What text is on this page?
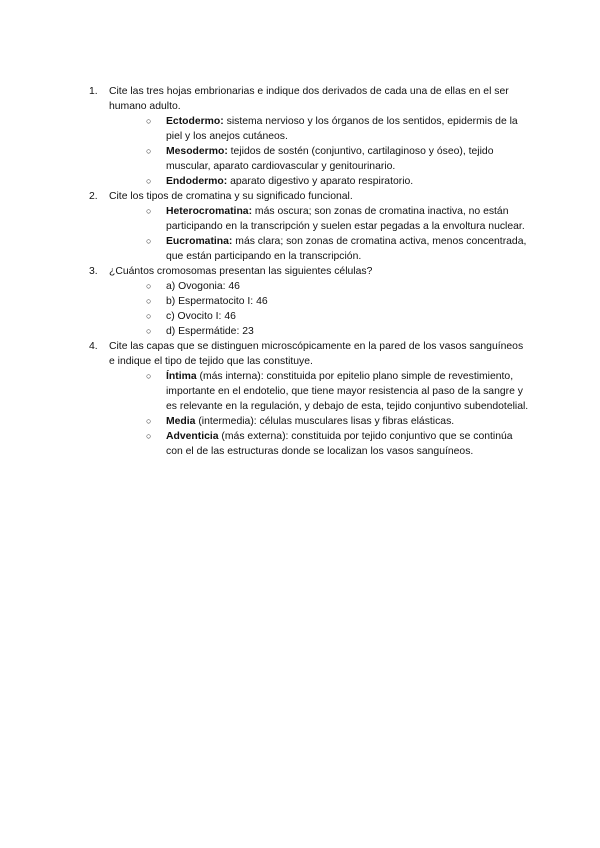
1. Cite las tres hojas embrionarias e indique dos derivados de cada una de ellas en el ser humano adulto.
○ Ectodermo: sistema nervioso y los órganos de los sentidos, epidermis de la piel y los anejos cutáneos.
○ Mesodermo: tejidos de sostén (conjuntivo, cartilaginoso y óseo), tejido muscular, aparato cardiovascular y genitourinario.
○ Endodermo: aparato digestivo y aparato respiratorio.
2. Cite los tipos de cromatina y su significado funcional.
○ Heterocromatina: más oscura; son zonas de cromatina inactiva, no están participando en la transcripción y suelen estar pegadas a la envoltura nuclear.
○ Eucromatina: más clara; son zonas de cromatina activa, menos concentrada, que están participando en la transcripción.
3. ¿Cuántos cromosomas presentan las siguientes células?
○ a) Ovogonia: 46
○ b) Espermatocito I: 46
○ c) Ovocito I: 46
○ d) Espermátide: 23
4. Cite las capas que se distinguen microscópicamente en la pared de los vasos sanguíneos e indique el tipo de tejido que las constituye.
○ Íntima (más interna): constituida por epitelio plano simple de revestimiento, importante en el endotelio, que tiene mayor resistencia al paso de la sangre y es relevante en la regulación, y debajo de esta, tejido conjuntivo subendotelial.
○ Media (intermedia): células musculares lisas y fibras elásticas.
○ Adventicia (más externa): constituida por tejido conjuntivo que se continúa con el de las estructuras donde se localizan los vasos sanguíneos.
